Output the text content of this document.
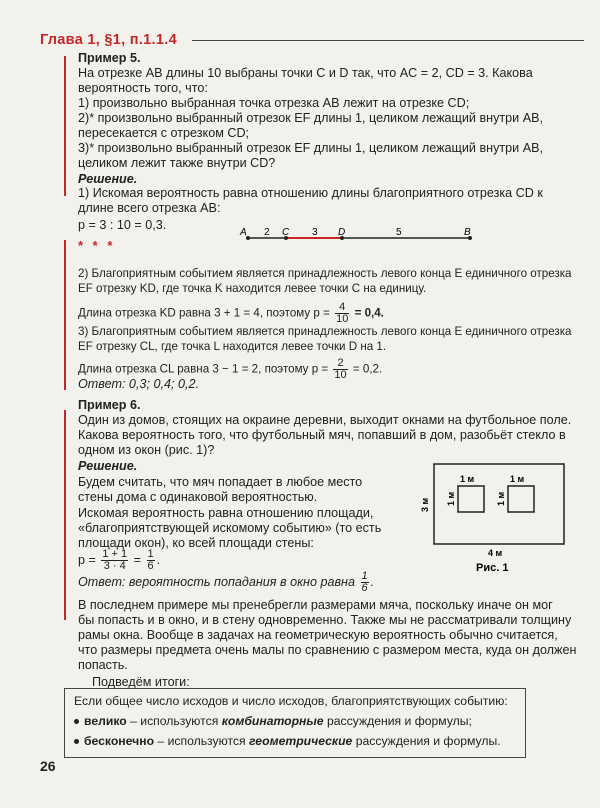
Глава 1, §1, п.1.1.4
Пример 5.
На отрезке AB длины 10 выбраны точки C и D так, что AC = 2, CD = 3. Какова
вероятность того, что:
1) произвольно выбранная точка отрезка AB лежит на отрезке CD;
2)* произвольно выбранный отрезок EF длины 1, целиком лежащий внутри AB,
пересекается с отрезком CD;
3)* произвольно выбранный отрезок EF длины 1, целиком лежащий внутри AB,
целиком лежит также внутри CD?
Решение.
1) Искомая вероятность равна отношению длины благоприятного отрезка CD к
длине всего отрезка AB:
p = 3 : 10 = 0,3.
A 2 C 3 D	5	B
* * *
2) Благоприятным событием является принадлежность левого конца E единичного отрезка
EF отрезку KD, где точка K находится левее точки C на единицу.
Длина отрезка KD равна 3 + 1 = 4, поэтому $p = \frac{4}{10} = 0,4$.
3) Благоприятным событием является принадлежность левого конца E единичного отрезка
EF отрезку CL, где точка L находится левее точки D на 1.
Длина отрезка CL равна 3 − 1 = 2, поэтому $p = \frac{2}{10} = 0,2$.
Ответ: 0,3; 0,4; 0,2.
Пример 6.
Один из домов, стоящих на окраине деревни, выходит окнами на футбольное поле.
Какова вероятность того, что футбольный мяч, попавший в дом, разобьёт стекло в
одном из окон (рис. 1)?
Решение.
Будем считать, что мяч попадает в любое место
стены дома с одинаковой вероятностью.
Искомая вероятность равна отношению площади,
«благоприятствующей искомому событию» (то есть
площади окон), ко всей площади стены:
$p = \frac{1 + 1}{3 \cdot 4} = \frac{1}{6}$ .
Ответ: вероятность попадания в окно равна $\frac{1}{6}$ .
1 м	1 м
1 м	1 м
3 м
4 м
Рис. 1
В последнем примере мы пренебрегли размерами мяча, поскольку иначе он мог
бы попасть и в окно, и в стену одновременно. Также мы не рассматривали толщину
рамы окна. Вообще в задачах на геометрическую вероятность обычно считается,
что размеры предмета очень малы по сравнению с размером места, куда он должен
попасть.
Подведём итоги:
Если общее число исходов и число исходов, благоприятствующих событию:
велико – используются комбинаторные рассуждения и формулы;
бесконечно – используются геометрические рассуждения и формулы.
26
